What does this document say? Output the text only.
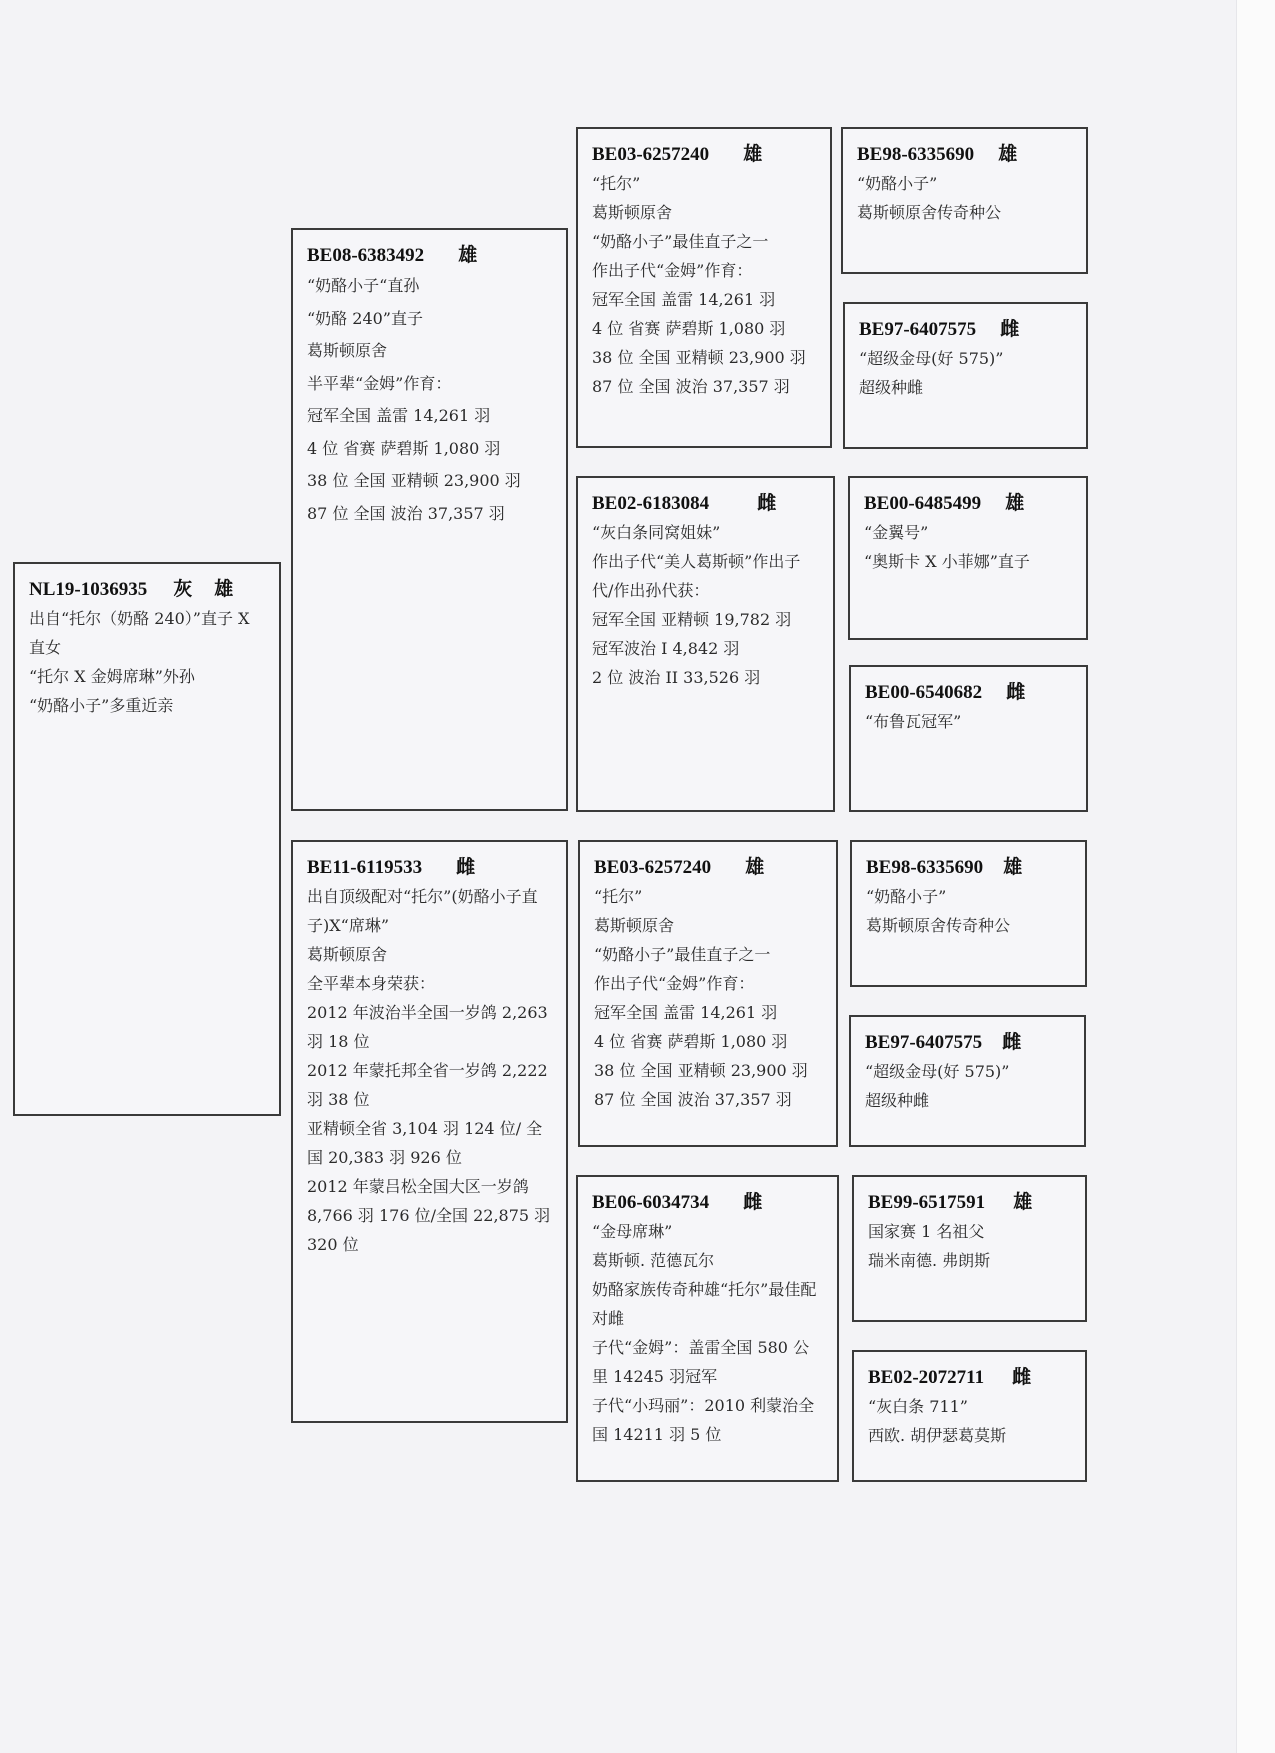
NL19-1036935 灰 雄
出自“托尔（奶酪 240）”直子 X 直女
“托尔 X 金姆席琳”外孙
“奶酪小子”多重近亲
BE08-6383492 雄
“奶酪小子“直孙
“奶酪 240”直子
葛斯顿原舍
半平辈“金姆”作育：
冠军全国 盖雷 14,261 羽
4 位 省赛 萨碧斯 1,080 羽
38 位 全国 亚精顿 23,900 羽
87 位 全国 波治 37,357 羽
BE11-6119533 雌
出自顶级配对“托尔”(奶酪小子直子)X“席琳”
葛斯顿原舍
全平辈本身荣获：
2012 年波治半全国一岁鸽 2,263 羽 18 位
2012 年蒙托邦全省一岁鸽 2,222 羽 38 位
亚精顿全省 3,104 羽 124 位/ 全国 20,383 羽 926 位
2012 年蒙吕松全国大区一岁鸽 8,766 羽 176 位/全国 22,875 羽 320 位
BE03-6257240 雄
“托尔”
葛斯顿原舍
“奶酪小子”最佳直子之一
作出子代“金姆”作育：
冠军全国 盖雷 14,261 羽
4 位 省赛 萨碧斯 1,080 羽
38 位 全国 亚精顿 23,900 羽
87 位 全国 波治 37,357 羽
BE02-6183084	雌
“灰白条同窝姐妹”
作出子代“美人葛斯顿”作出子代/作出孙代获：
冠军全国 亚精顿 19,782 羽
冠军波治 I 4,842 羽
2 位 波治 II 33,526 羽
BE03-6257240 雄
“托尔”
葛斯顿原舍
“奶酪小子”最佳直子之一
作出子代“金姆”作育：
冠军全国 盖雷 14,261 羽
4 位 省赛 萨碧斯 1,080 羽
38 位 全国 亚精顿 23,900 羽
87 位 全国 波治 37,357 羽
BE06-6034734 雌
“金母席琳”
葛斯顿. 范德瓦尔
奶酪家族传奇种雄“托尔”最佳配对雌
子代“金姆”：盖雷全国 580 公里 14245 羽冠军
子代“小玛丽”：2010 利蒙治全国 14211 羽 5 位
BE98-6335690 雄
“奶酪小子”
葛斯顿原舍传奇种公
BE97-6407575 雌
“超级金母(好 575)”
超级种雌
BE00-6485499 雄
“金翼号”
“奥斯卡 X 小菲娜”直子
BE00-6540682 雌
“布鲁瓦冠军”
BE98-6335690 雄
“奶酪小子”
葛斯顿原舍传奇种公
BE97-6407575 雌
“超级金母(好 575)”
超级种雌
BE99-6517591 雄
国家赛 1 名祖父
瑞米南德. 弗朗斯
BE02-2072711 雌
“灰白条 711”
西欧. 胡伊瑟葛莫斯
